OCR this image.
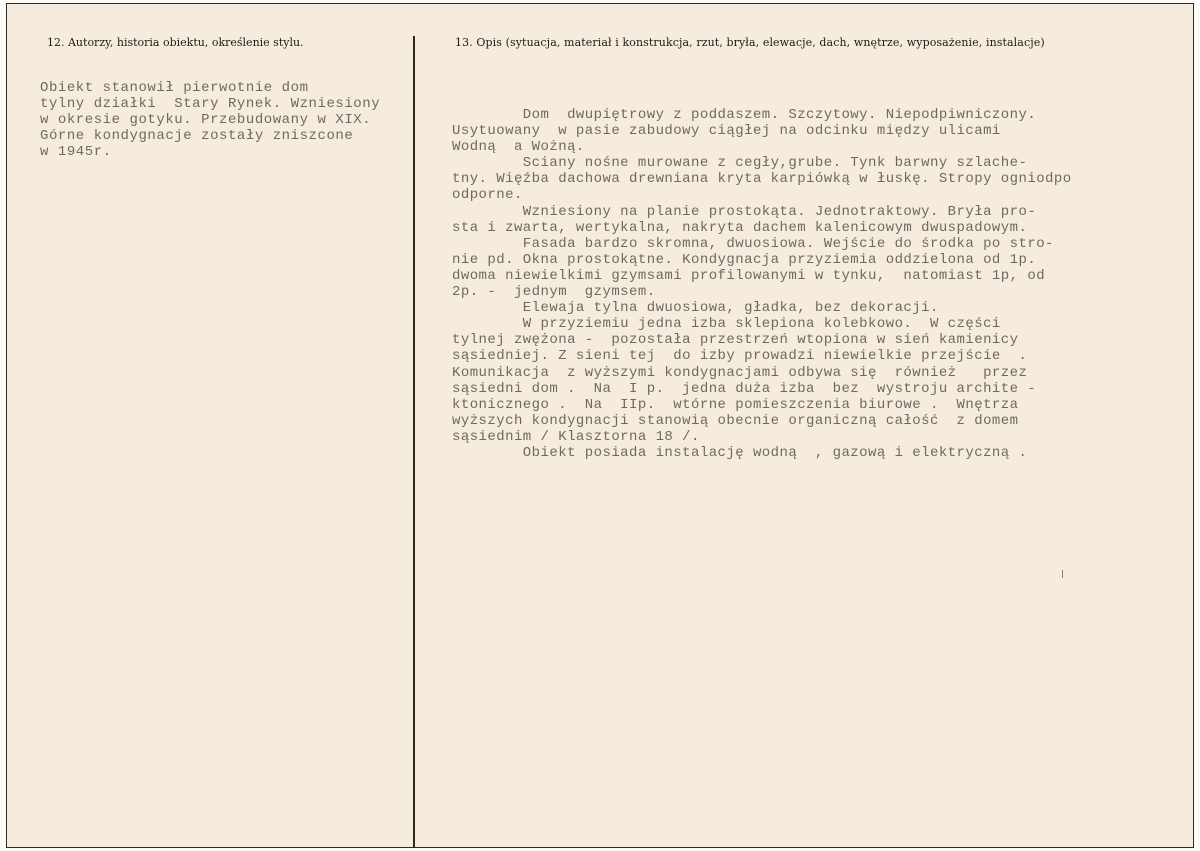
12. Autorzy, historia obiektu, określenie stylu.	13. Opis (sytuacja, materiał i konstrukcja, rzut, bryła, elewacje, dach, wnętrze, wyposażenie, instalacje)
Obiekt stanowił pierwotnie dom
tylny działki  Stary Rynek. Wzniesiony
w okresie gotyku. Przebudowany w XIX.
Górne kondygnacje zostały zniszcone
w 1945r.
Dom  dwupiętrowy z poddaszem. Szczytowy. Niepodpiwniczony.
Usytuowany  w pasie zabudowy ciągłej na odcinku między ulicami
Wodną  a Wożną.
Sciany nośne murowane z cegły,grube. Tynk barwny szlache-
tny. Więźba dachowa drewniana kryta karpiówką w łuskę. Stropy ogniodpo
odporne.
Wzniesiony na planie prostokąta. Jednotraktowy. Bryła pro-
sta i zwarta, wertykalna, nakryta dachem kalenicowym dwuspadowym.
Fasada bardzo skromna, dwuosiowa. Wejście do środka po stro-
nie pd. Okna prostokątne. Kondygnacja przyziemia oddzielona od 1p.
dwoma niewielkimi gzymsami profilowanymi w tynku,  natomiast 1p, od
2p. -  jednym  gzymsem.
Elewaja tylna dwuosiowa, gładka, bez dekoracji.
W przyziemiu jedna izba sklepiona kolebkowo.  W części
tylnej zwężona -  pozostała przestrzeń wtopiona w sień kamienicy
sąsiedniej. Z sieni tej  do izby prowadzi niewielkie przejście  .
Komunikacja  z wyższymi kondygnacjami odbywa się  również   przez
sąsiedni dom .  Na  I p.  jedna duża izba  bez  wystroju archite -
ktonicznego .  Na  IIp.  wtórne pomieszczenia biurowe .  Wnętrza
wyższych kondygnacji stanowią obecnie organiczną całość  z domem
sąsiednim / Klasztorna 18 /.
Obiekt posiada instalację wodną  , gazową i elektryczną .
